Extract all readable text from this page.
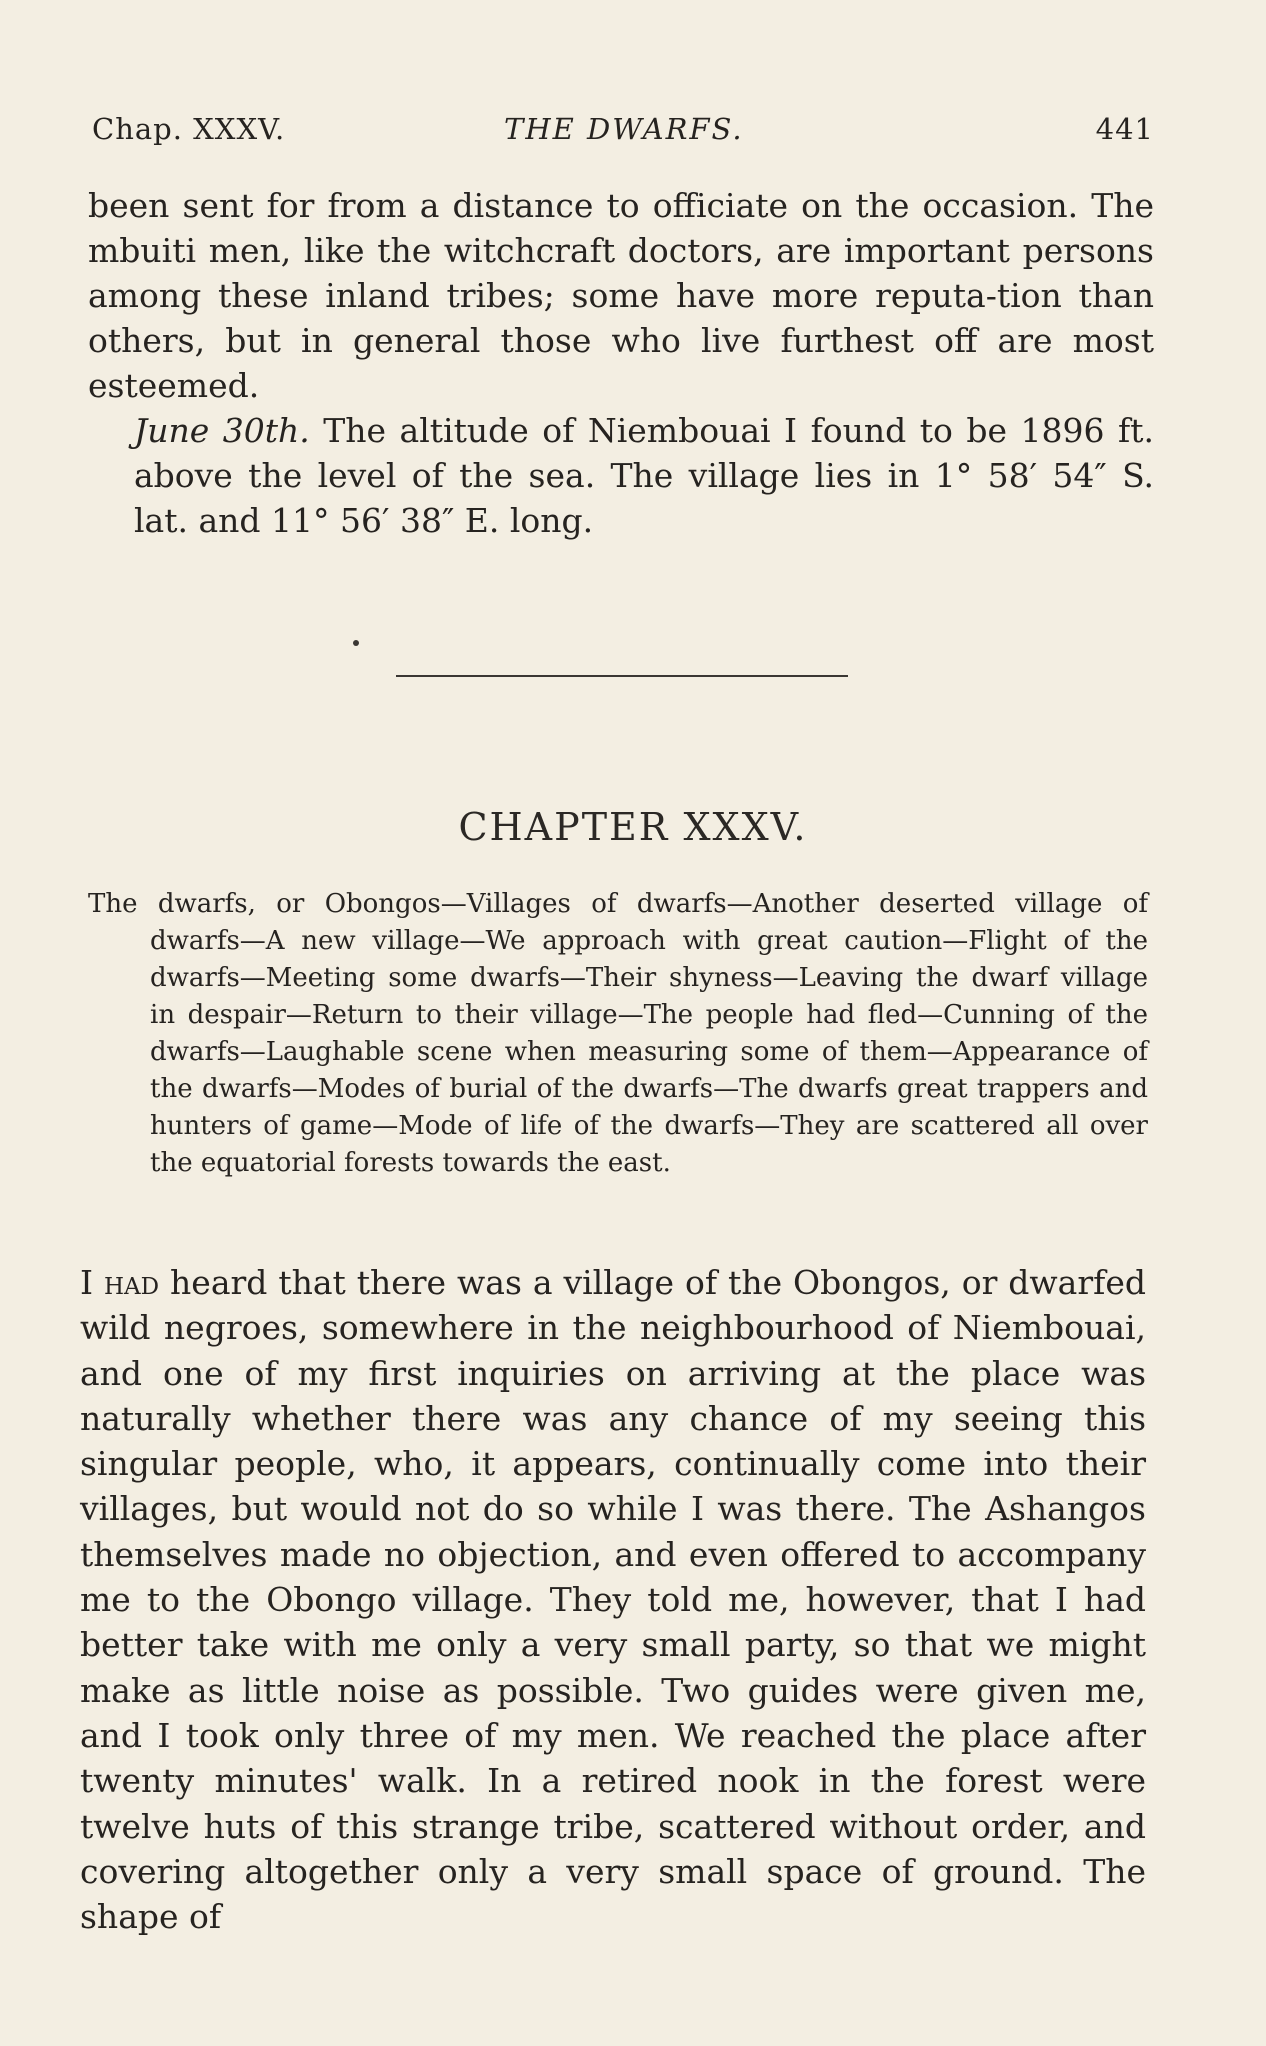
Chap. XXXV.	THE DWARFS.	441

been sent for from a distance to officiate on the occasion. The mbuiti men, like the witchcraft doctors, are important persons among these inland tribes; some have more reputa-tion than others, but in general those who live furthest off are most esteemed.

June 30th. The altitude of Niembouai I found to be 1896 ft. above the level of the sea. The village lies in 1° 58′ 54″ S. lat. and 11° 56′ 38″ E. long.

CHAPTER XXXV.
The dwarfs, or Obongos—Villages of dwarfs—Another deserted village of dwarfs—A new village—We approach with great caution—Flight of the dwarfs—Meeting some dwarfs—Their shyness—Leaving the dwarf village in despair—Return to their village—The people had fled—Cunning of the dwarfs—Laughable scene when measuring some of them—Appearance of the dwarfs—Modes of burial of the dwarfs—The dwarfs great trappers and hunters of game—Mode of life of the dwarfs—They are scattered all over the equatorial forests towards the east.
I had heard that there was a village of the Obongos, or dwarfed wild negroes, somewhere in the neighbourhood of Niembouai, and one of my first inquiries on arriving at the place was naturally whether there was any chance of my seeing this singular people, who, it appears, continually come into their villages, but would not do so while I was there. The Ashangos themselves made no objection, and even offered to accompany me to the Obongo village. They told me, however, that I had better take with me only a very small party, so that we might make as little noise as possible. Two guides were given me, and I took only three of my men. We reached the place after twenty minutes' walk. In a retired nook in the forest were twelve huts of this strange tribe, scattered without order, and covering altogether only a very small space of ground. The shape of
